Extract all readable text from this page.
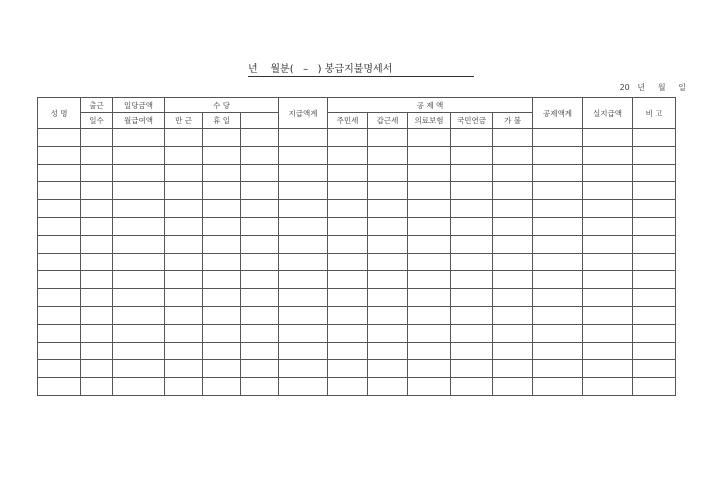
년    월분(   –   ) 봉급지불명세서
20   년     월     일
성 명	출근	일당금액	수 당			지급액계	공 제 액					공제액계	실지급액	비 고
	일수	월급여액	만 근	휴 일			주민세	갑근세	의료보험	국민연금	가 불			
